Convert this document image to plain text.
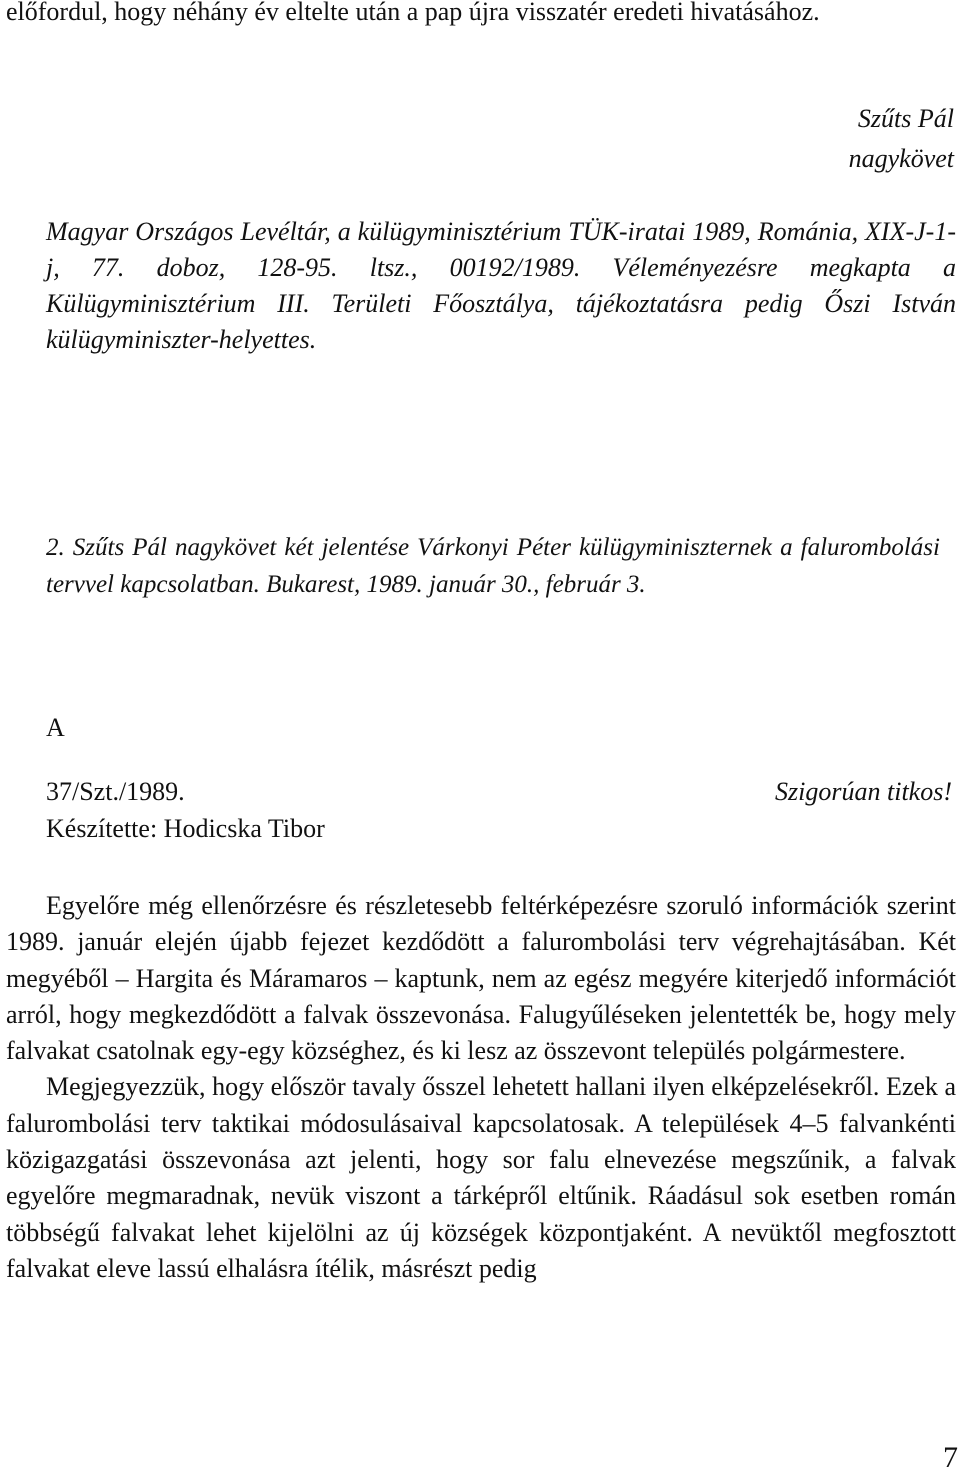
előfordul, hogy néhány év eltelte után a pap újra visszatér eredeti hivatásához.

Szűts Pál
nagykövet

Magyar Országos Levéltár, a külügyminisztérium TÜK-iratai 1989, Románia, XIX-J-1-j, 77. doboz, 128-95. ltsz., 00192/1989. Véleményezésre megkapta a Külügyminisztérium III. Területi Főosztálya, tájékoztatásra pedig Őszi István külügyminiszter-helyettes.

2. Szűts Pál nagykövet két jelentése Várkonyi Péter külügyminiszternek a falurombolási tervvel kapcsolatban. Bukarest, 1989. január 30., február 3.

A
37/Szt./1989.	Szigorúan titkos!
Készítette: Hodicska Tibor

Egyelőre még ellenőrzésre és részletesebb feltérképezésre szoruló információk szerint 1989. január elején újabb fejezet kezdődött a falurombolási terv végrehajtásában. Két megyéből – Hargita és Máramaros – kaptunk, nem az egész megyére kiterjedő információt arról, hogy megkezdődött a falvak összevonása. Falugyűléseken jelentették be, hogy mely falvakat csatolnak egy-egy községhez, és ki lesz az összevont település polgármestere.

Megjegyezzük, hogy először tavaly ősszel lehetett hallani ilyen elképzelésekről. Ezek a falurombolási terv taktikai módosulásaival kapcsolatosak. A települések 4–5 falvankénti közigazgatási összevonása azt jelenti, hogy sor falu elnevezése megszűnik, a falvak egyelőre megmaradnak, nevük viszont a tárképről eltűnik. Ráadásul sok esetben román többségű falvakat lehet kijelölni az új községek központjaként. A nevüktől megfosztott falvakat eleve lassú elhalásra ítélik, másrészt pedig

7
